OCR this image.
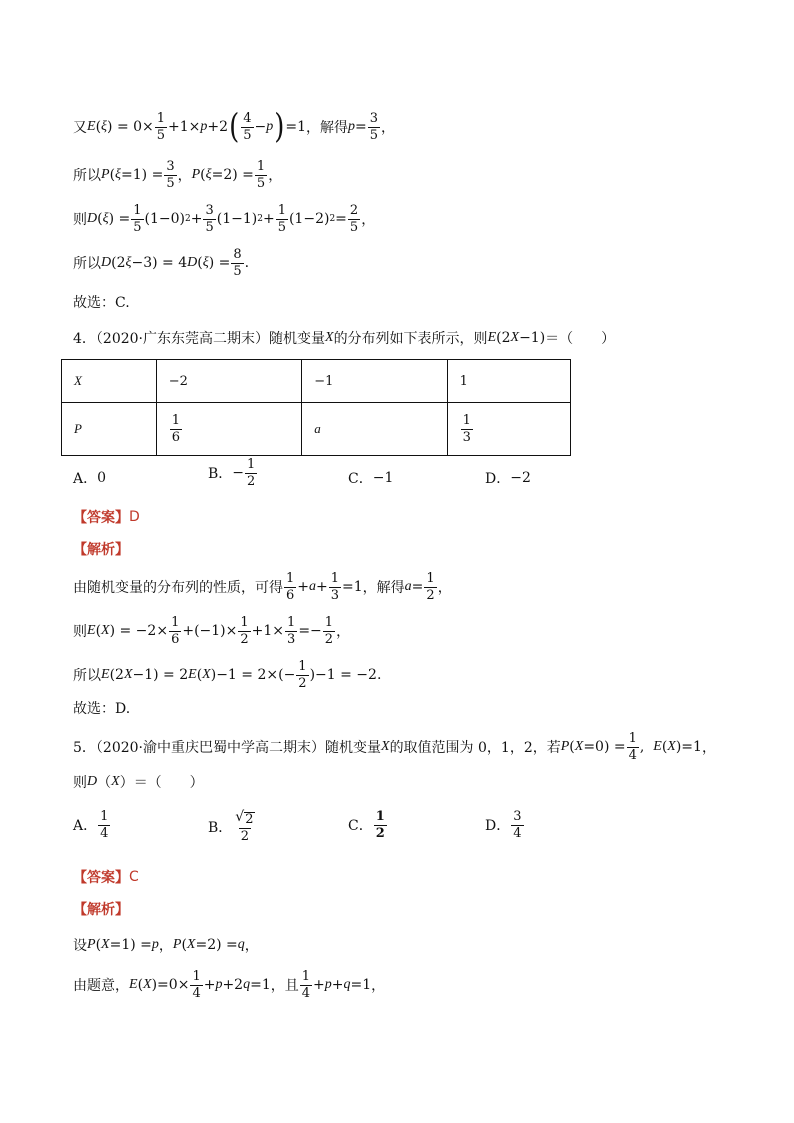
又 E ( ξ ) = $0\times \frac{1}{5} +1\times p +2$ ( $\frac{4}{5} - p$ ) =1 ，解得 $p = \frac{3}{5}$ ，
所以 P ( $\xi =1) = \frac{3}{5}$ ， P ( $\xi =2) = \frac{1}{5}$ ，
则 D ( ξ ) = $\frac{1}{5} (1-0) 2 + \frac{3}{5} (1-1) 2 + \frac{1}{5} (1-2) 2 = \frac{2}{5}$ ，
所以 D (2 ξ −3) = 4 D ( ξ ) = $\frac{8}{5}$ .
故选：C.
4．（2020·广东东莞高二期末）随机变量 X 的分布列如下表所示，则 E (2 X −1) ＝（　　）
X	−2	−1	1
P	$\frac{1}{6}$	a	$\frac{1}{3}$
A． 0	B． − $\frac{1}{2}$	C． −1	D． −2
【答案】 D
【解析】
由随机变量的分布列的性质，可得 $\frac{1}{6} + a + \frac{1}{3} =1$ ，解得 $a = \frac{1}{2}$ ，
则 E ( X ) = $-2\times \frac{1}{6} +(-1)\times \frac{1}{2} +1\times \frac{1}{3} =- \frac{1}{2}$ ，
所以 E (2 X −1) = 2 E ( X )$-1 = 2\times(- \frac{1}{2} )-1 = -2$ .
故选：D.
5．（2020·渝中重庆巴蜀中学高二期末）随机变量 X 的取值范围为 0，1，2，若 P ( $X =0) = \frac{1}{4}$ , E ( X )=1 ，
则 D （ X ） ＝（　　）
A． $\frac{1}{4}$	B． $\frac{√ 2}{2}$	C． $\frac{1}{2}$	D． $\frac{3}{4}$
【答案】 C
【解析】
设 P ( X =1) = p ， P ( X =2) = q ，
由题意， E ( X )$=0\times \frac{1}{4} + p +2$ q =1 ，且 $\frac{1}{4} + p + q =1$ ，
